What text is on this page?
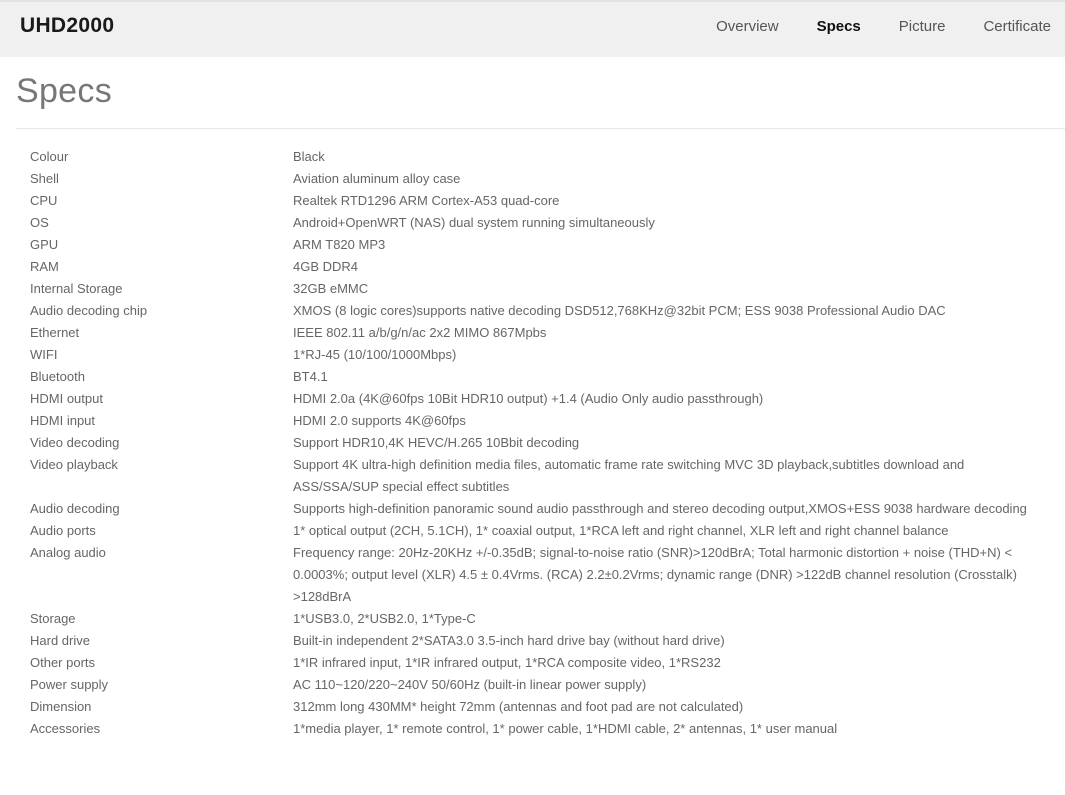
UHD2000	Overview	Specs	Picture	Certificate
Specs
Colour	Black
Shell	Aviation aluminum alloy case
CPU	Realtek RTD1296 ARM Cortex-A53 quad-core
OS	Android+OpenWRT (NAS) dual system running simultaneously
GPU	ARM T820 MP3
RAM	4GB DDR4
Internal Storage	32GB eMMC
Audio decoding chip	XMOS (8 logic cores)supports native decoding DSD512,768KHz@32bit PCM; ESS 9038 Professional Audio DAC
Ethernet	IEEE 802.11 a/b/g/n/ac 2x2 MIMO 867Mpbs
WIFI	1*RJ-45 (10/100/1000Mbps)
Bluetooth	BT4.1
HDMI output	HDMI 2.0a (4K@60fps 10Bit HDR10 output) +1.4 (Audio Only audio passthrough)
HDMI input	HDMI 2.0 supports 4K@60fps
Video decoding	Support HDR10,4K HEVC/H.265 10Bbit decoding
Video playback	Support 4K ultra-high definition media files, automatic frame rate switching MVC 3D playback,subtitles download and ASS/SSA/SUP special effect subtitles
Audio decoding	Supports high-definition panoramic sound audio passthrough and stereo decoding output,XMOS+ESS 9038 hardware decoding
Audio ports	1* optical output (2CH, 5.1CH), 1* coaxial output, 1*RCA left and right channel, XLR left and right channel balance
Analog audio	Frequency range: 20Hz-20KHz +/-0.35dB; signal-to-noise ratio (SNR)>120dBrA; Total harmonic distortion + noise (THD+N) < 0.0003%; output level (XLR) 4.5 ± 0.4Vrms. (RCA) 2.2±0.2Vrms; dynamic range (DNR) >122dB channel resolution (Crosstalk) >128dBrA
Storage	1*USB3.0, 2*USB2.0, 1*Type-C
Hard drive	Built-in independent 2*SATA3.0 3.5-inch hard drive bay (without hard drive)
Other ports	1*IR infrared input, 1*IR infrared output, 1*RCA composite video, 1*RS232
Power supply	AC 110~120/220~240V 50/60Hz (built-in linear power supply)
Dimension	312mm long 430MM* height 72mm (antennas and foot pad are not calculated)
Accessories	1*media player, 1* remote control, 1* power cable, 1*HDMI cable, 2* antennas, 1* user manual
